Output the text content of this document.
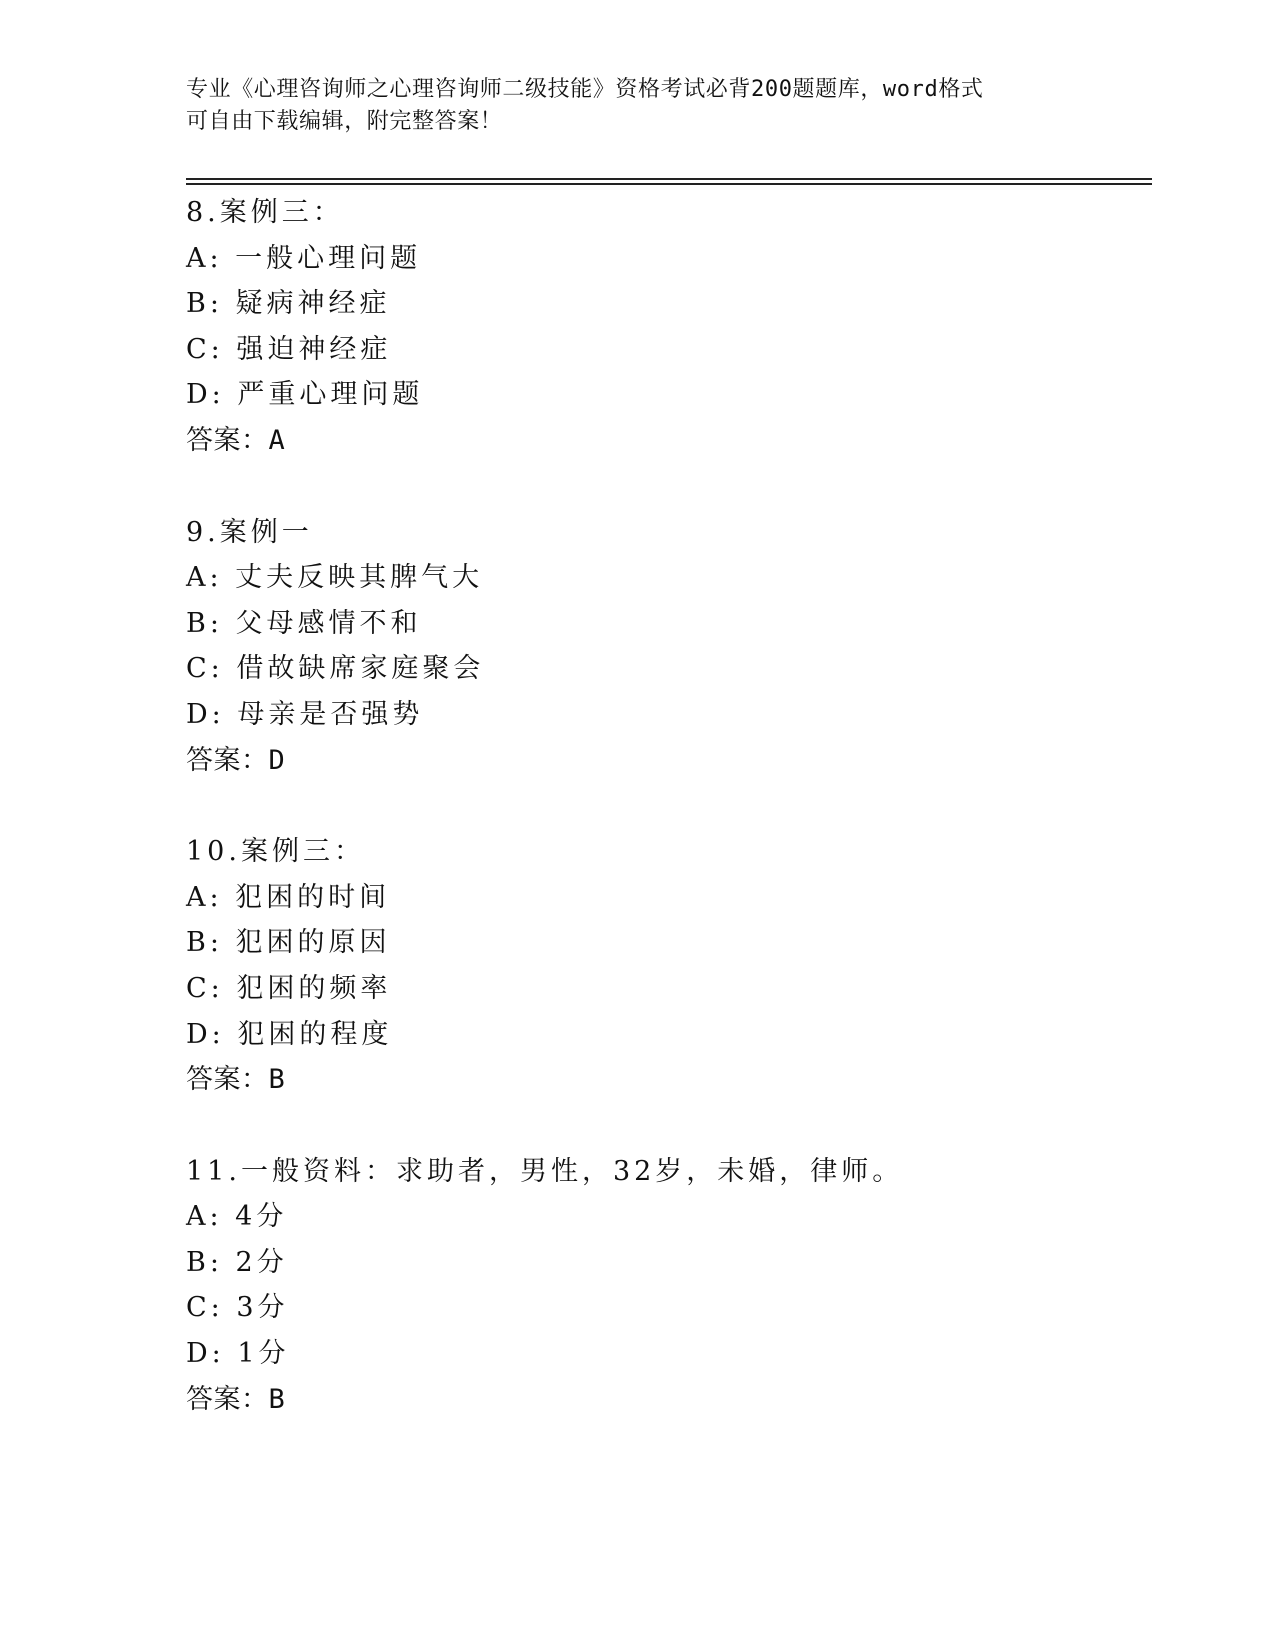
专业《心理咨询师之心理咨询师二级技能》资格考试必背200题题库，word格式
可自由下载编辑，附完整答案！
8.案例三：
A: 一般心理问题
B: 疑病神经症
C: 强迫神经症
D: 严重心理问题
答案：A
9.案例一
A: 丈夫反映其脾气大
B: 父母感情不和
C: 借故缺席家庭聚会
D: 母亲是否强势
答案：D
10.案例三：
A: 犯困的时间
B: 犯困的原因
C: 犯困的频率
D: 犯困的程度
答案：B
11.一般资料：求助者，男性，32岁，未婚，律师。
A: 4分
B: 2分
C: 3分
D: 1分
答案：B
